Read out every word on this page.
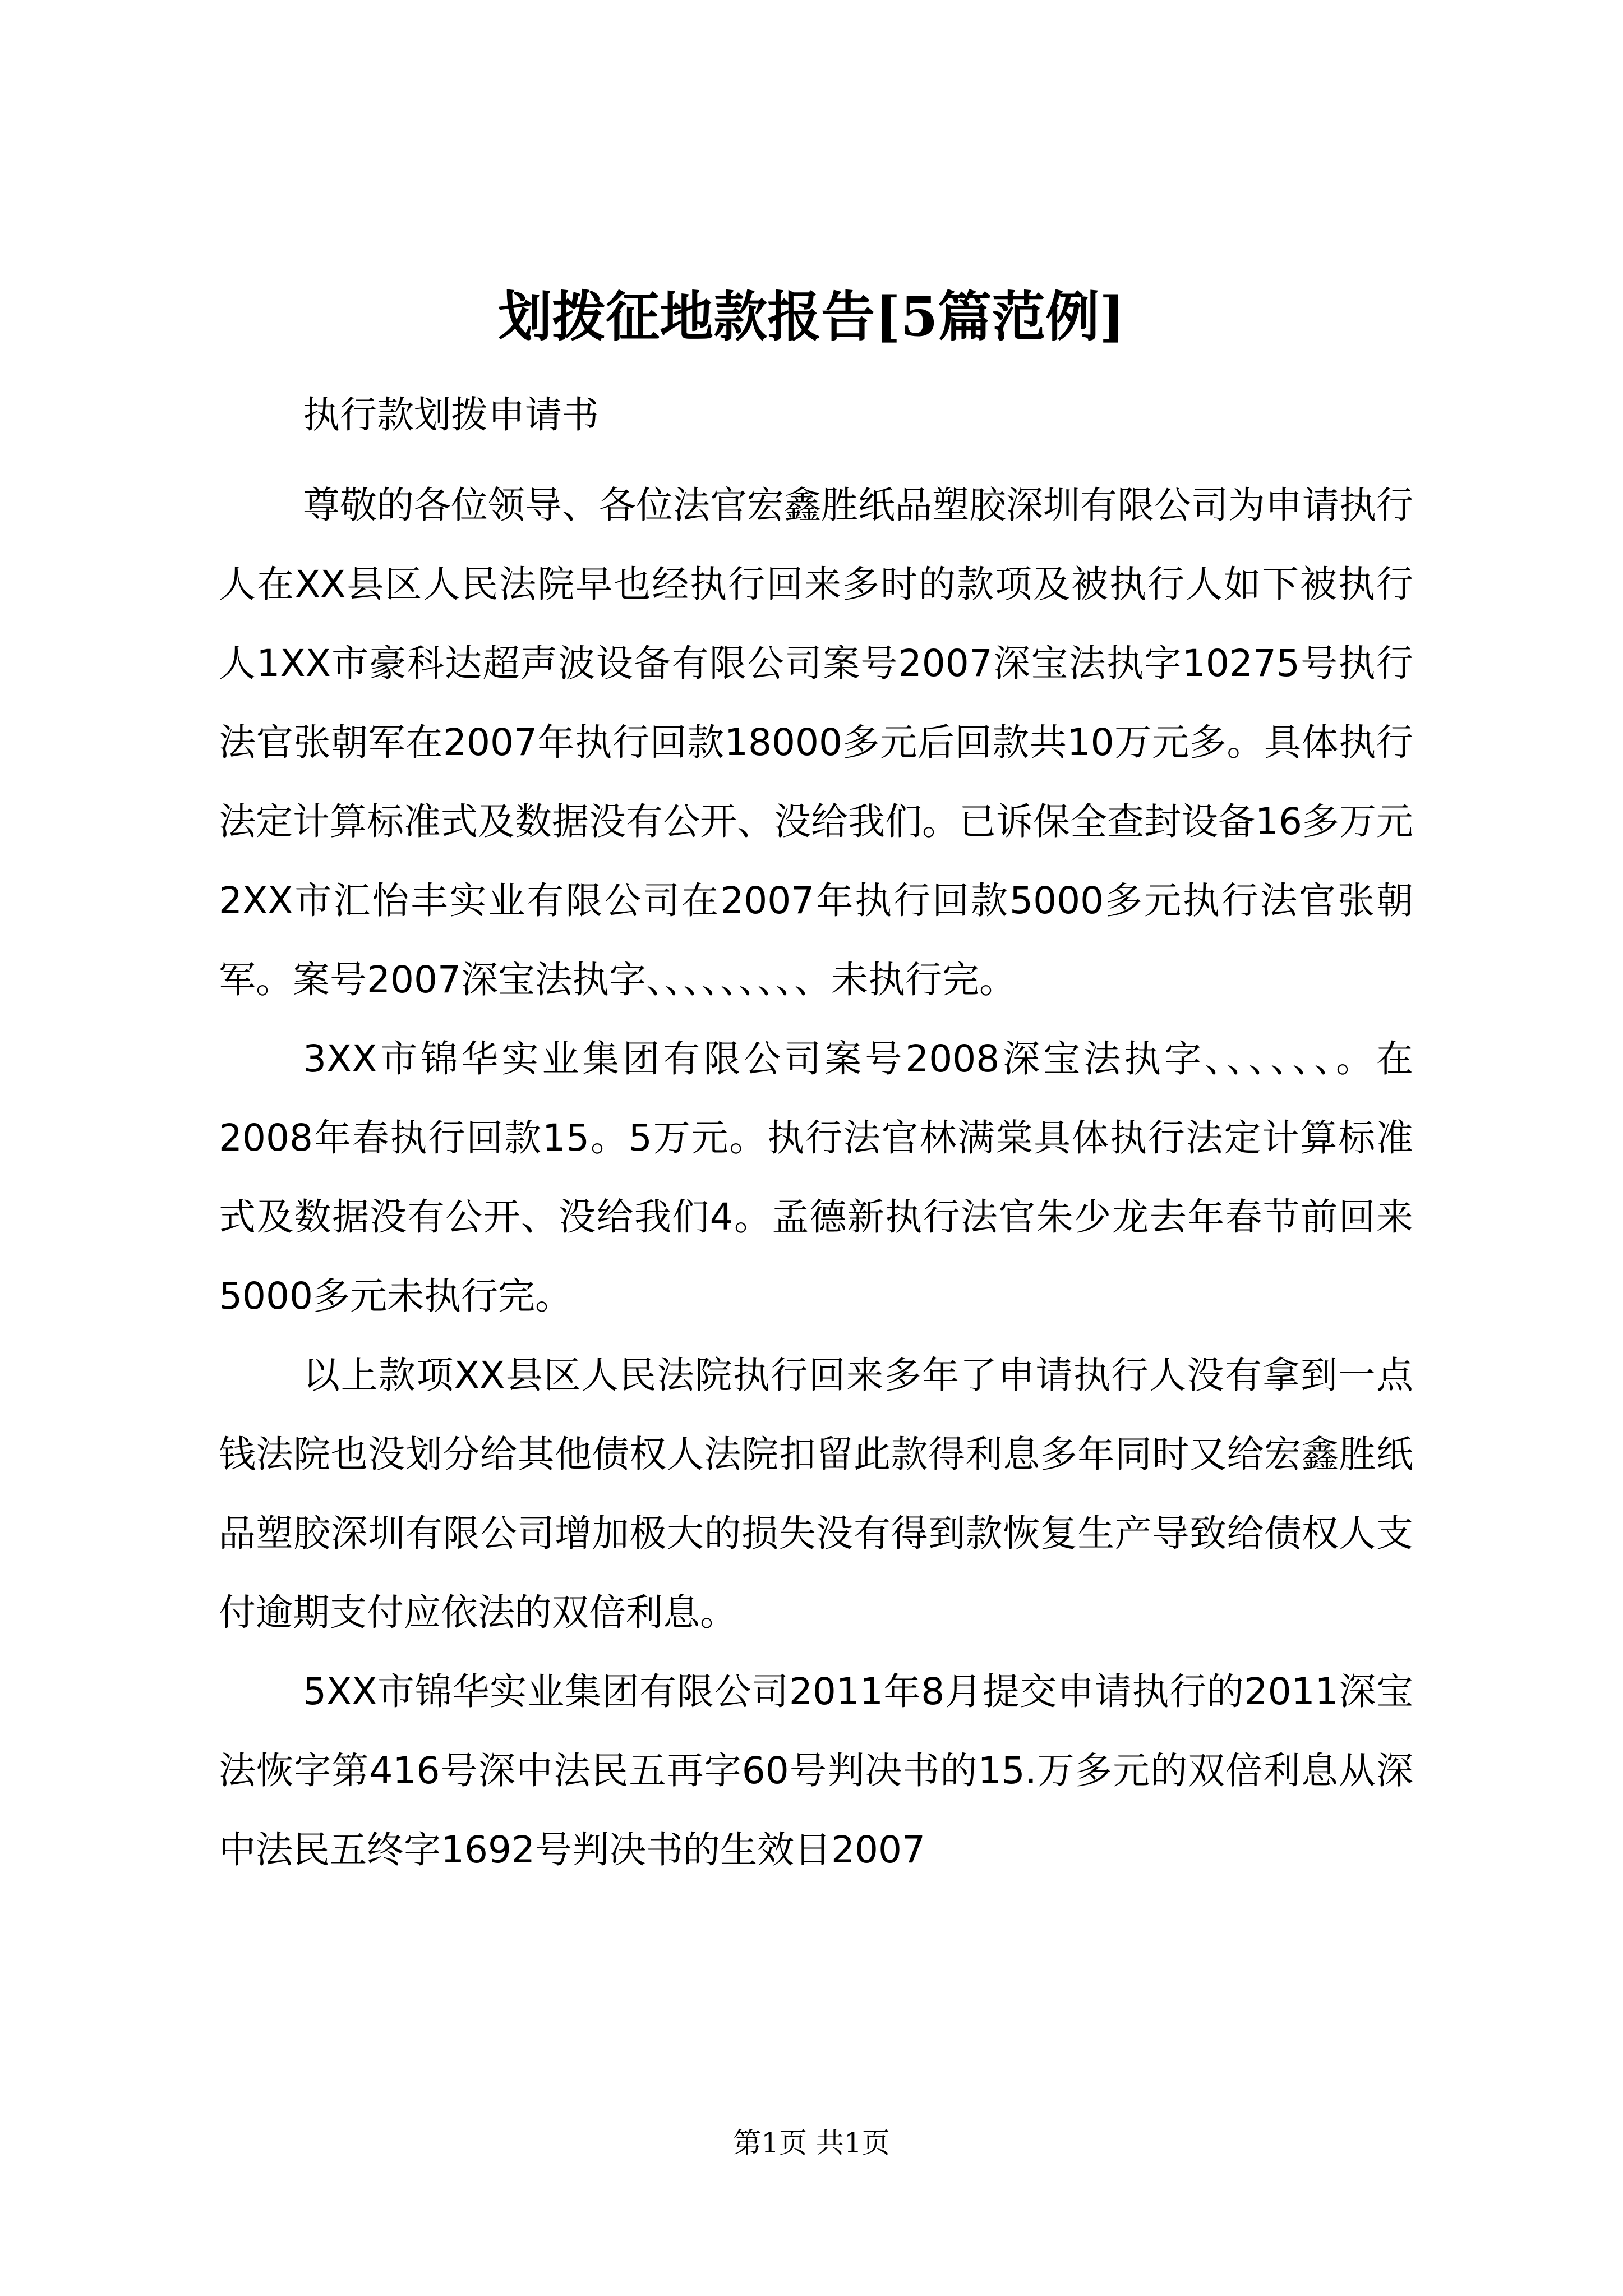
划拨征地款报告[5篇范例]

执行款划拨申请书

尊敬的各位领导、各位法官宏鑫胜纸品塑胶深圳有限公司为申请执行人在XX县区人民法院早也经执行回来多时的款项及被执行人如下被执行人1XX市豪科达超声波设备有限公司案号2007深宝法执字10275号执行法官张朝军在2007年执行回款18000多元后回款共10万元多。具体执行法定计算标准式及数据没有公开、没给我们。已诉保全查封设备16多万元2XX市汇怡丰实业有限公司在2007年执行回款5000多元执行法官张朝军。案号2007深宝法执字、、、、、、、、、未执行完。

3XX市锦华实业集团有限公司案号2008深宝法执字、、、、、、。在2008年春执行回款15。5万元。执行法官林满棠具体执行法定计算标准式及数据没有公开、没给我们4。孟德新执行法官朱少龙去年春节前回来5000多元未执行完。

以上款项XX县区人民法院执行回来多年了申请执行人没有拿到一点钱法院也没划分给其他债权人法院扣留此款得利息多年同时又给宏鑫胜纸品塑胶深圳有限公司增加极大的损失没有得到款恢复生产导致给债权人支付逾期支付应依法的双倍利息。

5XX市锦华实业集团有限公司2011年8月提交申请执行的2011深宝法恢字第416号深中法民五再字60号判决书的15.万多元的双倍利息从深中法民五终字1692号判决书的生效日2007

第1页 共1页
